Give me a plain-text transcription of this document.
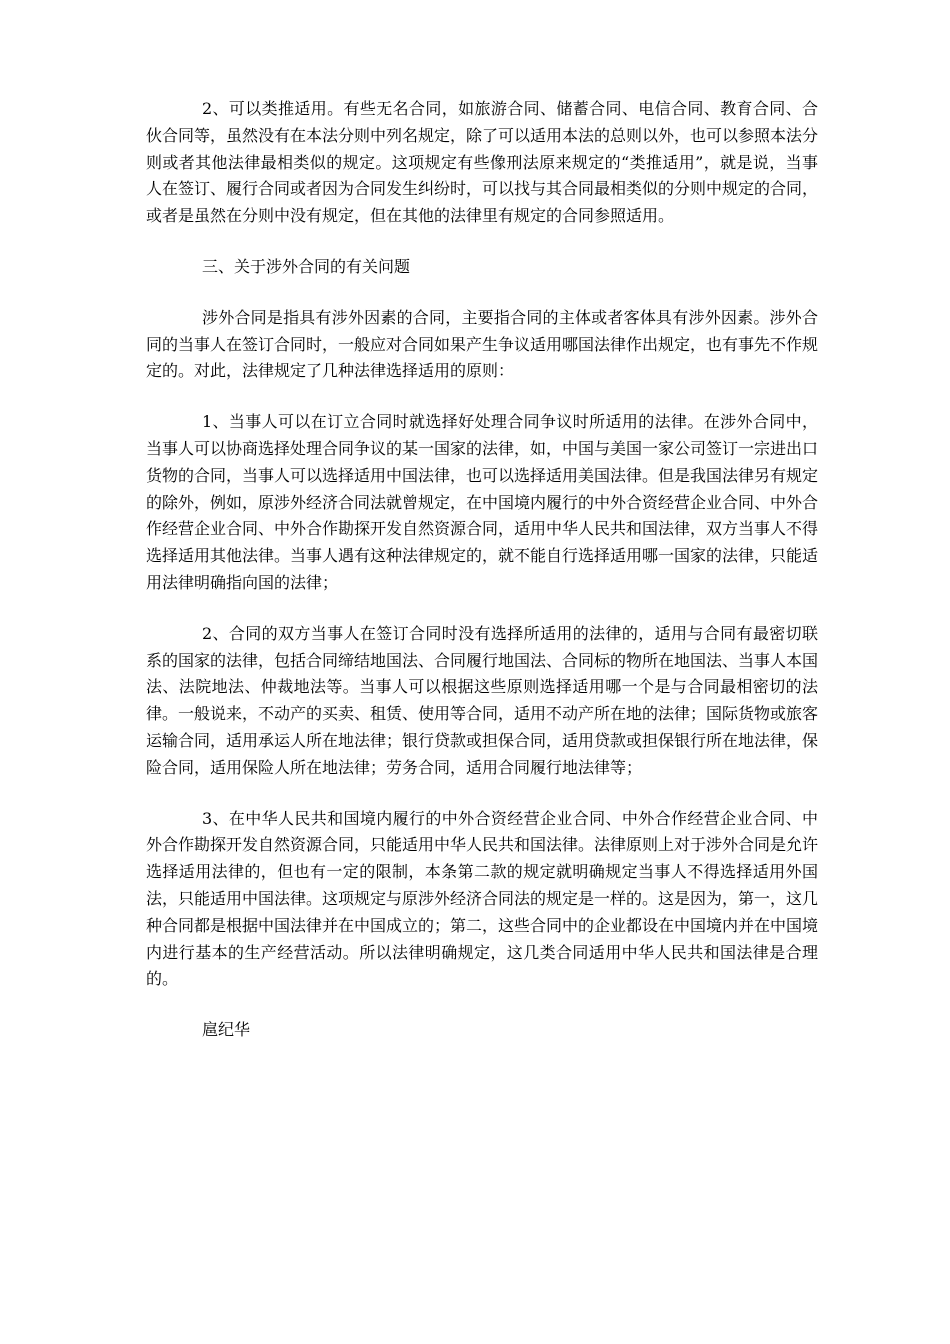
2、可以类推适用。有些无名合同，如旅游合同、储蓄合同、电信合同、教育合同、合伙合同等，虽然没有在本法分则中列名规定，除了可以适用本法的总则以外，也可以参照本法分则或者其他法律最相类似的规定。这项规定有些像刑法原来规定的“类推适用”，就是说，当事人在签订、履行合同或者因为合同发生纠纷时，可以找与其合同最相类似的分则中规定的合同，或者是虽然在分则中没有规定，但在其他的法律里有规定的合同参照适用。

三、关于涉外合同的有关问题

涉外合同是指具有涉外因素的合同，主要指合同的主体或者客体具有涉外因素。涉外合同的当事人在签订合同时，一般应对合同如果产生争议适用哪国法律作出规定，也有事先不作规定的。对此，法律规定了几种法律选择适用的原则：

1、当事人可以在订立合同时就选择好处理合同争议时所适用的法律。在涉外合同中，当事人可以协商选择处理合同争议的某一国家的法律，如，中国与美国一家公司签订一宗进出口货物的合同，当事人可以选择适用中国法律，也可以选择适用美国法律。但是我国法律另有规定的除外，例如，原涉外经济合同法就曾规定，在中国境内履行的中外合资经营企业合同、中外合作经营企业合同、中外合作勘探开发自然资源合同，适用中华人民共和国法律，双方当事人不得选择适用其他法律。当事人遇有这种法律规定的，就不能自行选择适用哪一国家的法律，只能适用法律明确指向国的法律；

2、合同的双方当事人在签订合同时没有选择所适用的法律的，适用与合同有最密切联系的国家的法律，包括合同缔结地国法、合同履行地国法、合同标的物所在地国法、当事人本国法、法院地法、仲裁地法等。当事人可以根据这些原则选择适用哪一个是与合同最相密切的法律。一般说来，不动产的买卖、租赁、使用等合同，适用不动产所在地的法律；国际货物或旅客运输合同，适用承运人所在地法律；银行贷款或担保合同，适用贷款或担保银行所在地法律，保险合同，适用保险人所在地法律；劳务合同，适用合同履行地法律等；

3、在中华人民共和国境内履行的中外合资经营企业合同、中外合作经营企业合同、中外合作勘探开发自然资源合同，只能适用中华人民共和国法律。法律原则上对于涉外合同是允许选择适用法律的，但也有一定的限制，本条第二款的规定就明确规定当事人不得选择适用外国法，只能适用中国法律。这项规定与原涉外经济合同法的规定是一样的。这是因为，第一，这几种合同都是根据中国法律并在中国成立的；第二，这些合同中的企业都设在中国境内并在中国境内进行基本的生产经营活动。所以法律明确规定，这几类合同适用中华人民共和国法律是合理的。

扈纪华
